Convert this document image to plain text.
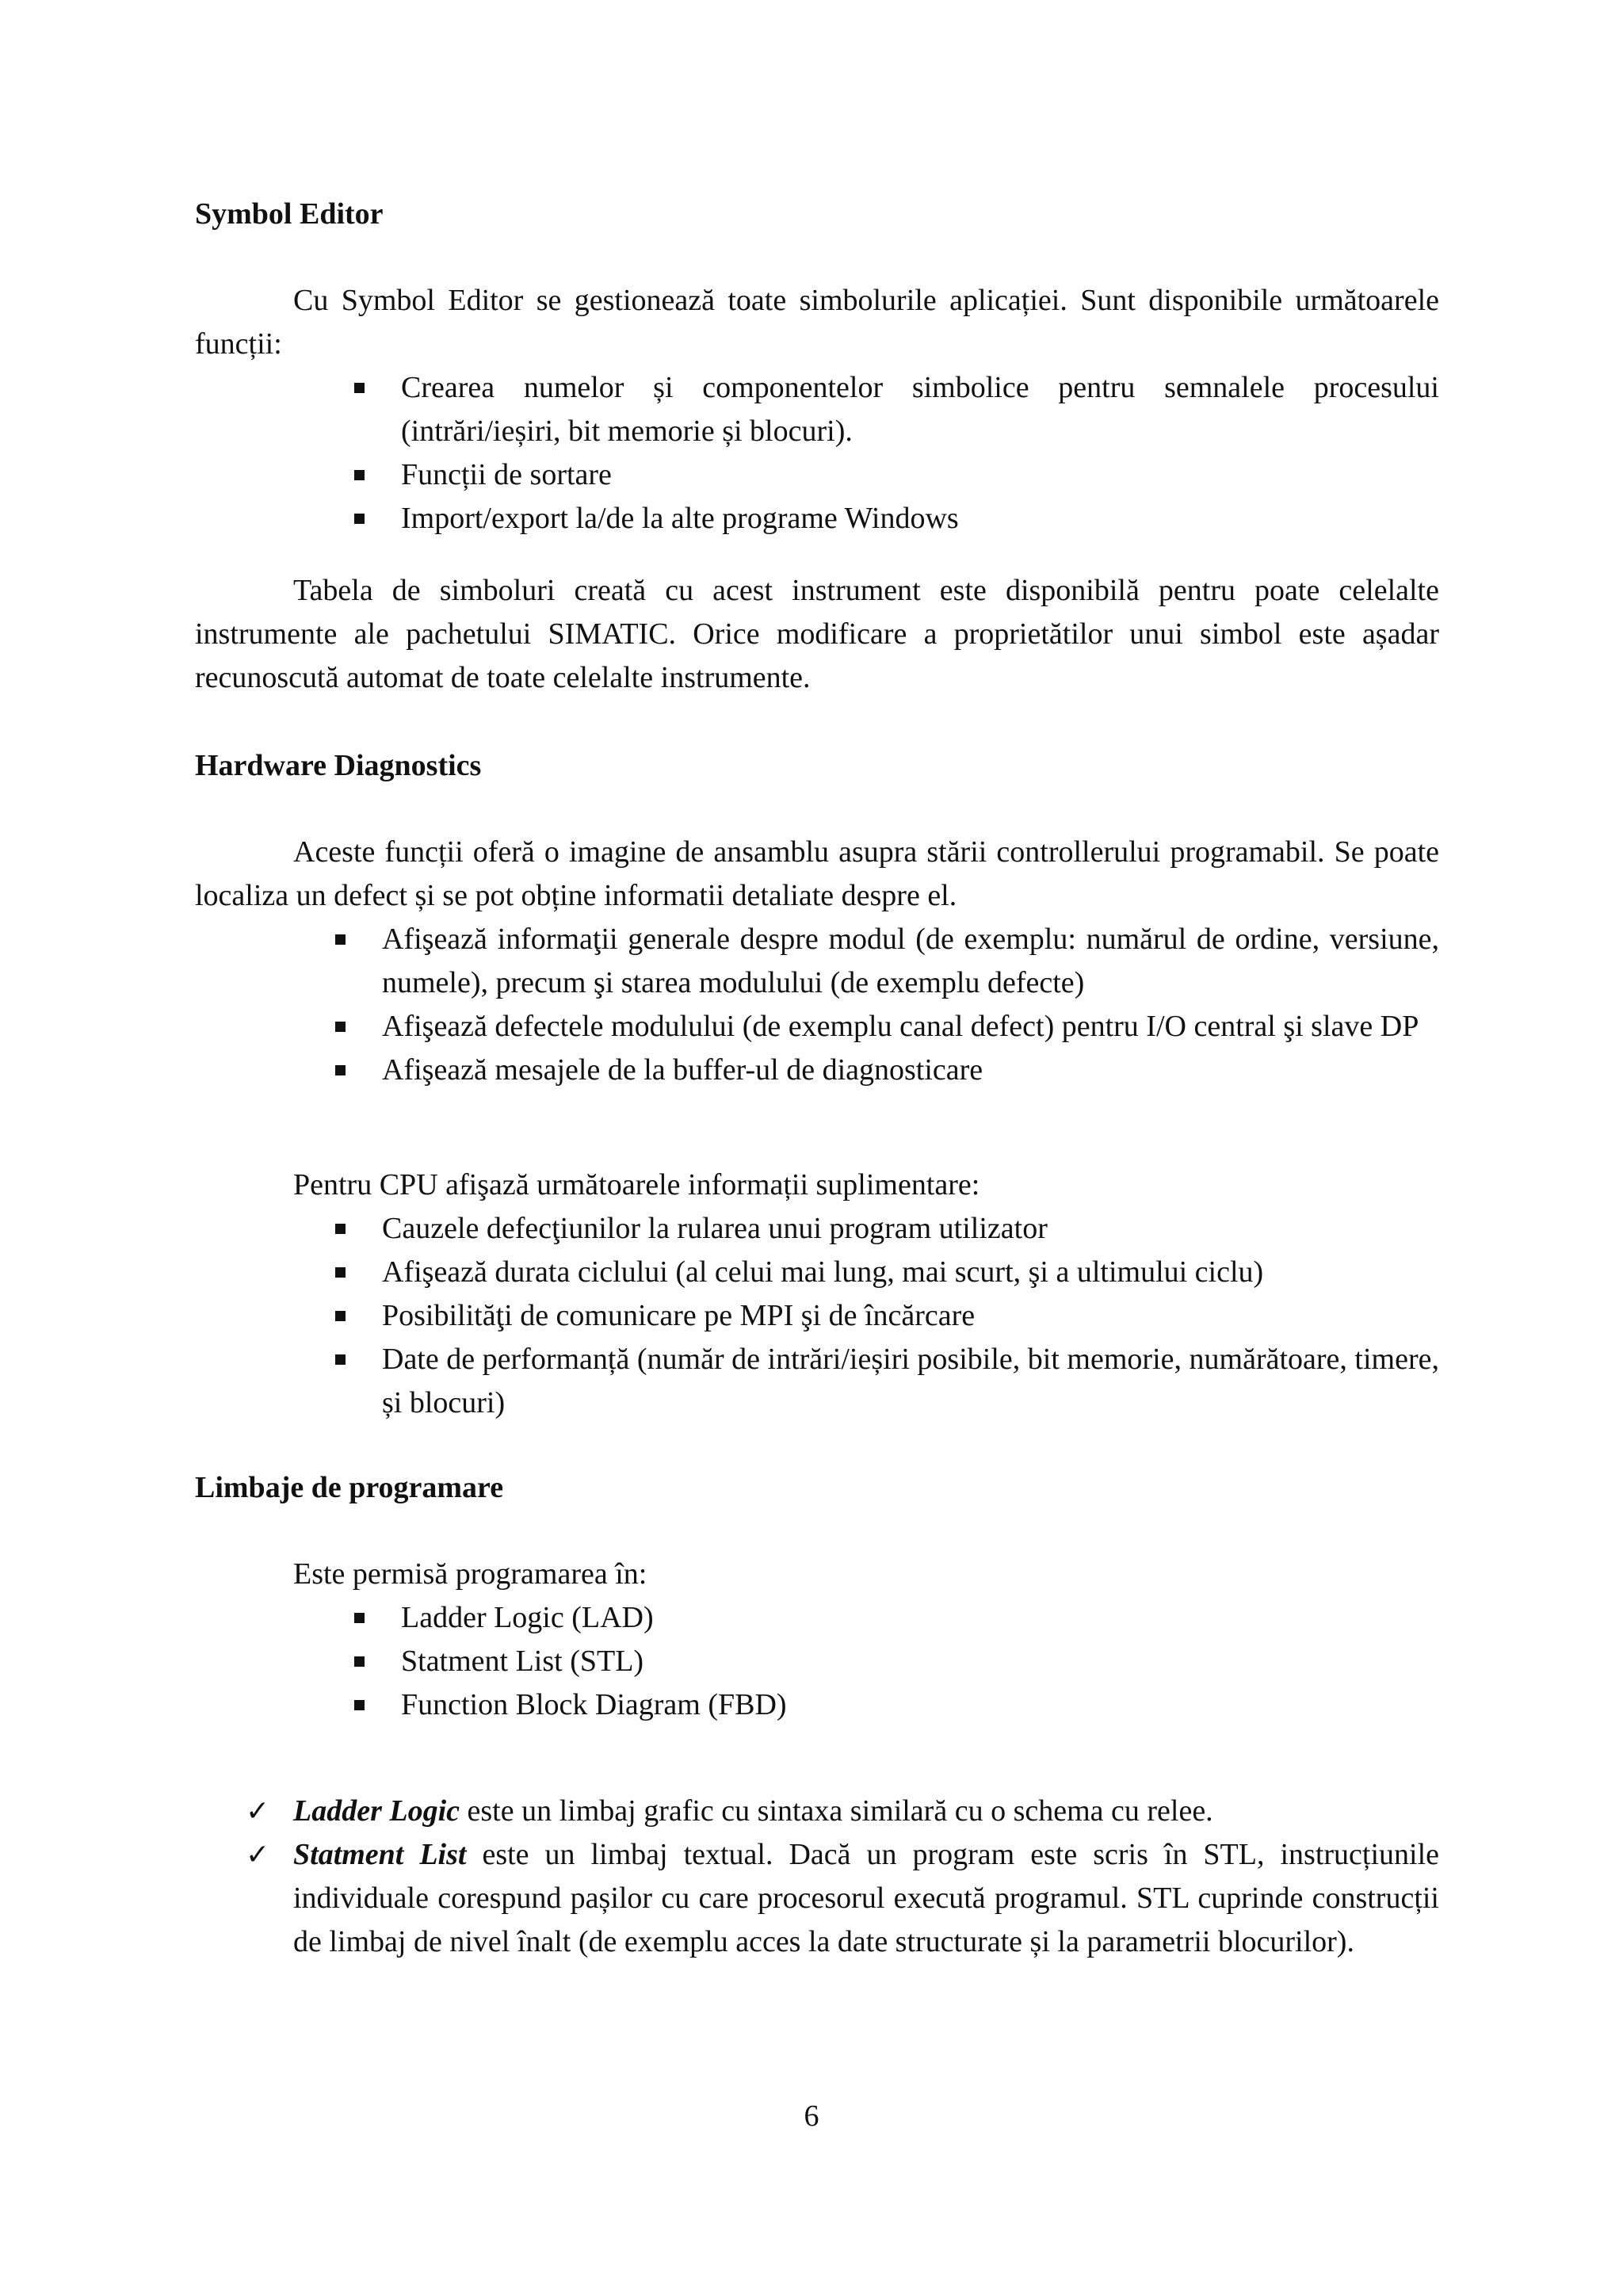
Symbol Editor

Cu Symbol Editor se gestionează toate simbolurile aplicației. Sunt disponibile următoarele funcții:

Crearea numelor și componentelor simbolice pentru semnalele procesului (intrări/ieșiri, bit memorie și blocuri).
Funcții de sortare
Import/export la/de la alte programe Windows

Tabela de simboluri creată cu acest instrument este disponibilă pentru poate celelalte instrumente ale pachetului SIMATIC. Orice modificare a proprietătilor unui simbol este așadar recunoscută automat de toate celelalte instrumente.

Hardware Diagnostics

Aceste funcții oferă o imagine de ansamblu asupra stării controllerului programabil. Se poate localiza un defect și se pot obține informatii detaliate despre el.

Afişează informaţii generale despre modul (de exemplu: numărul de ordine, versiune, numele), precum şi starea modulului (de exemplu defecte)
Afişează defectele modulului (de exemplu canal defect) pentru I/O central şi slave DP
Afişează mesajele de la buffer-ul de diagnosticare

Pentru CPU afişază următoarele informații suplimentare:

Cauzele defecţiunilor la rularea unui program utilizator
Afişează durata ciclului (al celui mai lung, mai scurt, şi a ultimului ciclu)
Posibilităţi de comunicare pe MPI şi de încărcare
Date de performanță (număr de intrări/ieșiri posibile, bit memorie, numărătoare, timere, și blocuri)
Limbaje de programare

Este permisă programarea în:

Ladder Logic (LAD)
Statment List (STL)
Function Block Diagram (FBD)
✓ Ladder Logic este un limbaj grafic cu sintaxa similară cu o schema cu relee.
✓ Statment List este un limbaj textual. Dacă un program este scris în STL, instrucțiunile individuale corespund pașilor cu care procesorul execută programul. STL cuprinde construcții de limbaj de nivel înalt (de exemplu acces la date structurate și la parametrii blocurilor).
6
